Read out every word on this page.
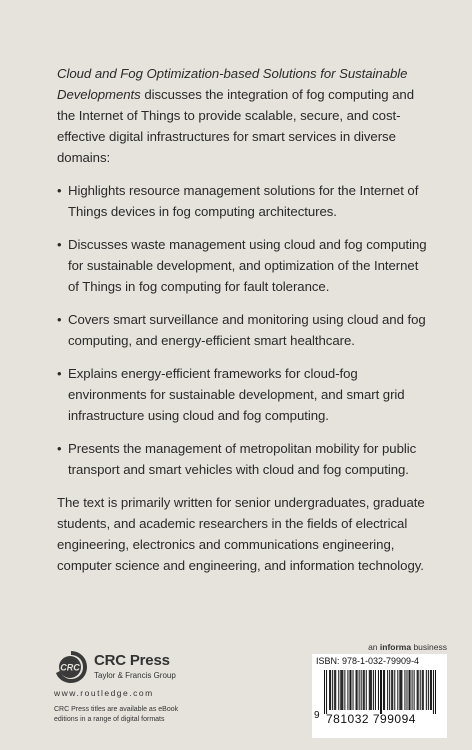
Cloud and Fog Optimization-based Solutions for Sustainable Developments discusses the integration of fog computing and the Internet of Things to provide scalable, secure, and cost-effective digital infrastructures for smart services in diverse domains:

• Highlights resource management solutions for the Internet of Things devices in fog computing architectures.
• Discusses waste management using cloud and fog computing for sustainable development, and optimization of the Internet of Things in fog computing for fault tolerance.
• Covers smart surveillance and monitoring using cloud and fog computing, and energy-efficient smart healthcare.
• Explains energy-efficient frameworks for cloud-fog environments for sustainable development, and smart grid infrastructure using cloud and fog computing.
• Presents the management of metropolitan mobility for public transport and smart vehicles with cloud and fog computing.

The text is primarily written for senior undergraduates, graduate students, and academic researchers in the fields of electrical engineering, electronics and communications engineering, computer science and engineering, and information technology.

CRC CRC Press
Taylor & Francis Group
www.routledge.com
CRC Press titles are available as eBook editions in a range of digital formats
an informa business
ISBN: 978-1-032-79909-4
9 781032 799094
